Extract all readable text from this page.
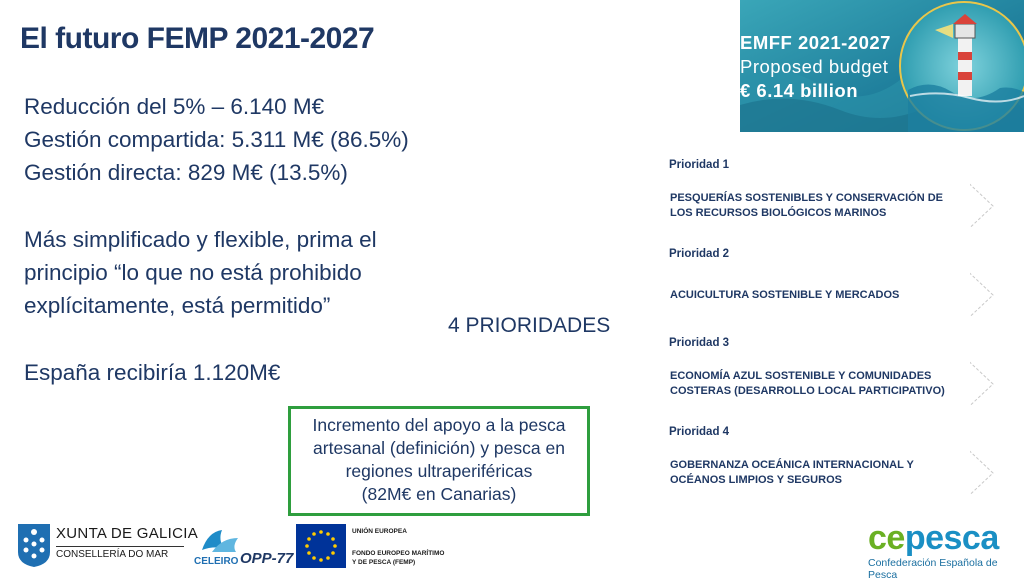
El futuro FEMP 2021-2027
Reducción del 5% – 6.140 M€
Gestión compartida: 5.311 M€ (86.5%)
Gestión directa: 829 M€ (13.5%)
Más simplificado y flexible, prima el
principio “lo que no está prohibido
explícitamente, está permitido”
España recibiría 1.120M€
4 PRIORIDADES
Incremento del apoyo a la pesca
artesanal (definición) y pesca en
regiones ultraperiféricas
(82M€ en Canarias)
EMFF 2021-2027
Proposed budget
€ 6.14 billion
Prioridad 1
PESQUERÍAS SOSTENIBLES Y CONSERVACIÓN DE
LOS RECURSOS BIOLÓGICOS MARINOS
Prioridad 2
ACUICULTURA SOSTENIBLE Y MERCADOS
Prioridad 3
ECONOMÍA AZUL SOSTENIBLE Y COMUNIDADES
COSTERAS (DESARROLLO LOCAL PARTICIPATIVO)
Prioridad 4
GOBERNANZA OCEÁNICA INTERNACIONAL Y
OCÉANOS LIMPIOS Y SEGUROS
XUNTA DE GALICIA
CONSELLERÍA DO MAR
CELEIRO OPP-77
UNIÓN EUROPEA
FONDO EUROPEO MARÍTIMO
Y DE PESCA (FEMP)
cepesca
Confederación Española de Pesca
